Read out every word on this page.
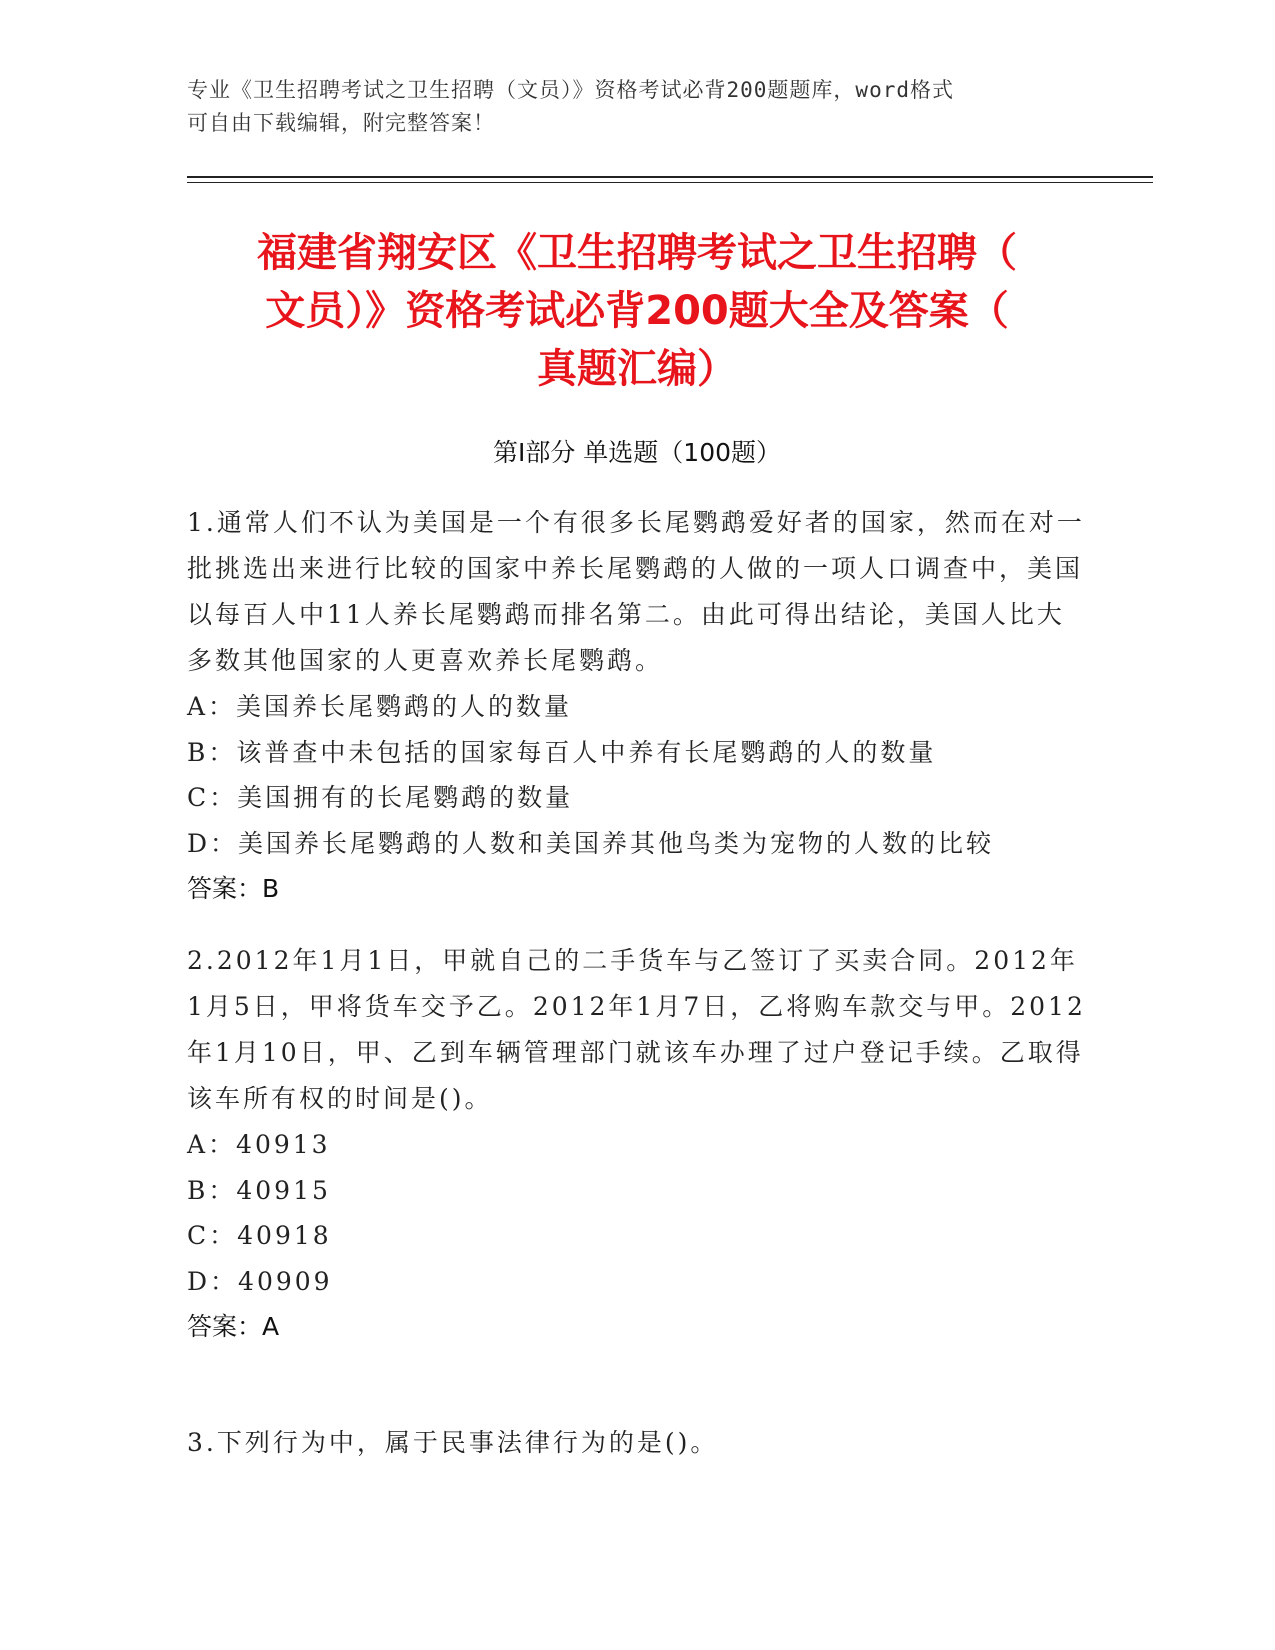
专业《卫生招聘考试之卫生招聘（文员）》资格考试必背200题题库，word格式
可自由下载编辑，附完整答案！
福建省翔安区《卫生招聘考试之卫生招聘（
文员）》资格考试必背200题大全及答案（
真题汇编）
第I部分 单选题（100题）

1.通常人们不认为美国是一个有很多长尾鹦鹉爱好者的国家，然而在对一批挑选出来进行比较的国家中养长尾鹦鹉的人做的一项人口调查中，美国以每百人中11人养长尾鹦鹉而排名第二。由此可得出结论，美国人比大多数其他国家的人更喜欢养长尾鹦鹉。

A：美国养长尾鹦鹉的人的数量

B：该普查中未包括的国家每百人中养有长尾鹦鹉的人的数量

C：美国拥有的长尾鹦鹉的数量

D：美国养长尾鹦鹉的人数和美国养其他鸟类为宠物的人数的比较

答案：B

2.2012年1月1日，甲就自己的二手货车与乙签订了买卖合同。2012年1月5日，甲将货车交予乙。2012年1月7日，乙将购车款交与甲。2012年1月10日，甲、乙到车辆管理部门就该车办理了过户登记手续。乙取得该车所有权的时间是()。

A：40913

B：40915

C：40918

D：40909

答案：A

3.下列行为中，属于民事法律行为的是()。
